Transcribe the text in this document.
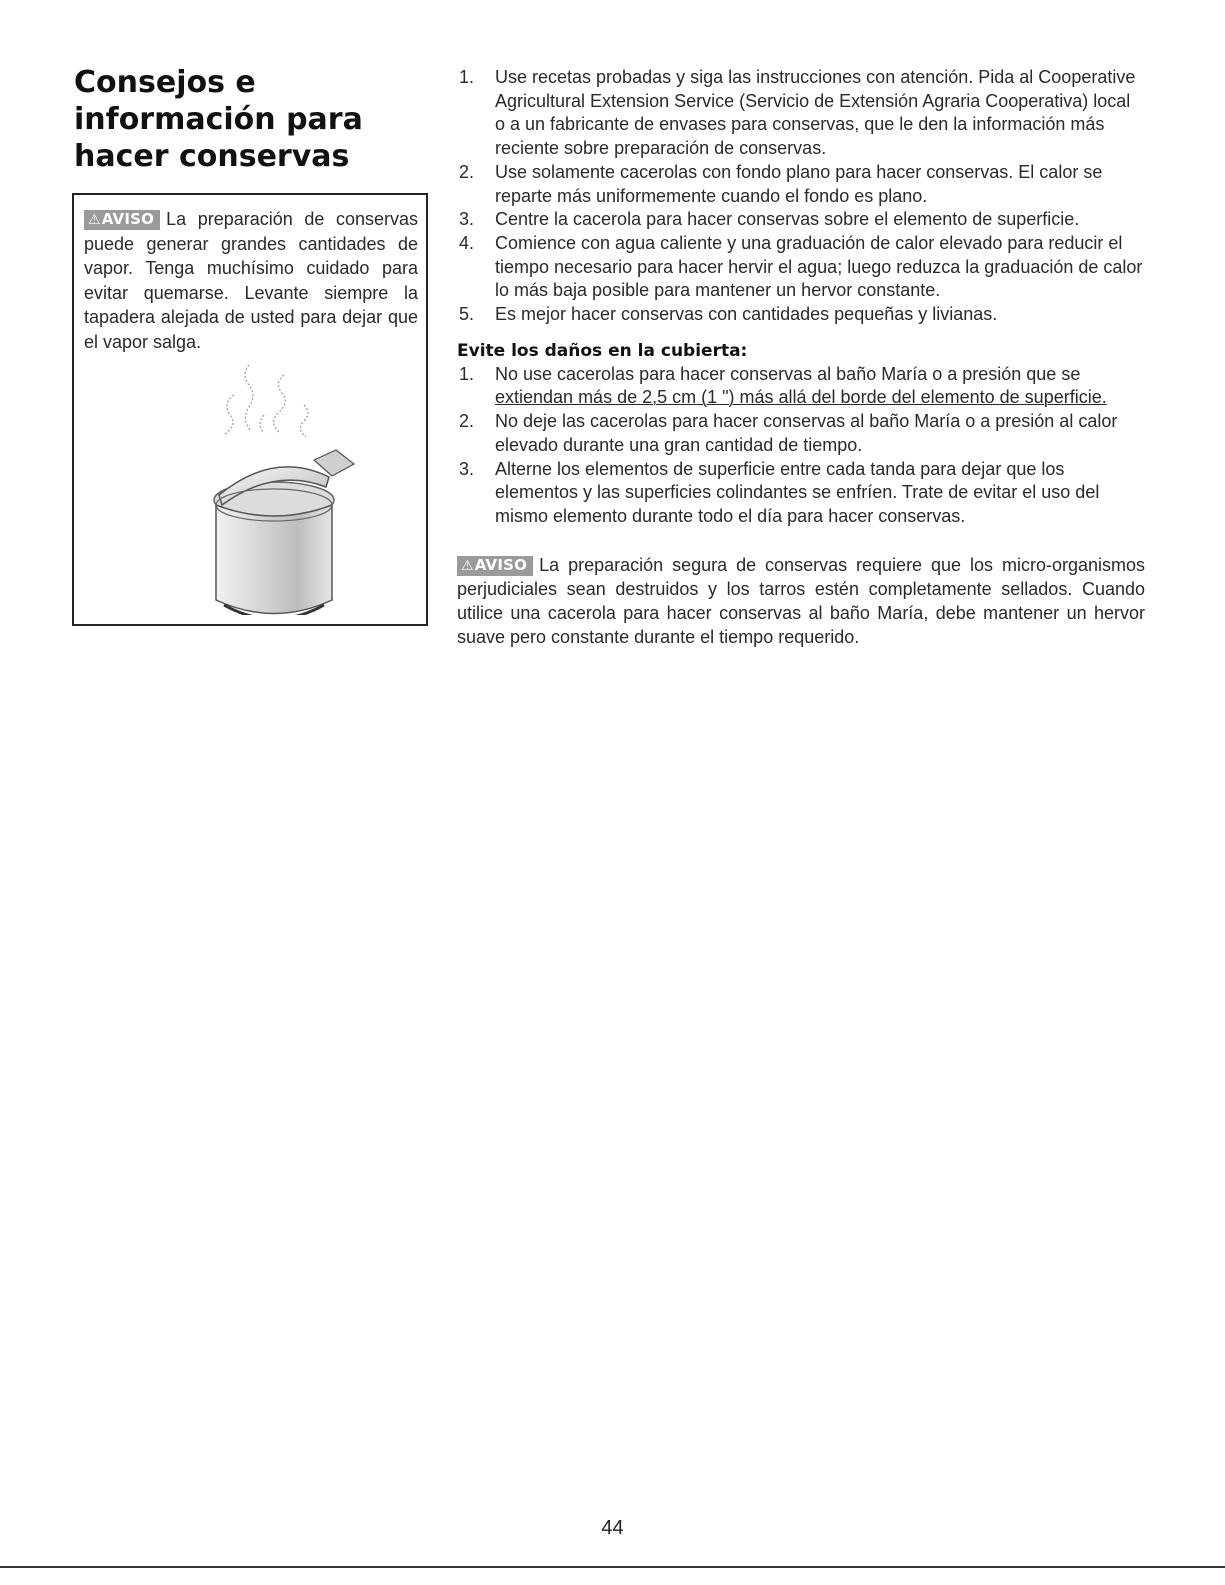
Consejos e
información para
hacer conservas
⚠AVISO La preparación de conservas puede generar grandes cantidades de vapor. Tenga muchísimo cuidado para evitar quemarse. Levante siempre la tapadera alejada de usted para dejar que el vapor salga.
1. Use recetas probadas y siga las instrucciones con atención. Pida al Cooperative Agricultural Extension Service (Servicio de Extensión Agraria Cooperativa) local o a un fabricante de envases para conservas, que le den la información más reciente sobre preparación de conservas.
2. Use solamente cacerolas con fondo plano para hacer conservas. El calor se reparte más uniformemente cuando el fondo es plano.
3. Centre la cacerola para hacer conservas sobre el elemento de superficie.
4. Comience con agua caliente y una graduación de calor elevado para reducir el tiempo necesario para hacer hervir el agua; luego reduzca la graduación de calor lo más baja posible para mantener un hervor constante.
5. Es mejor hacer conservas con cantidades pequeñas y livianas.
Evite los daños en la cubierta:
1. No use cacerolas para hacer conservas al baño María o a presión que se extiendan más de 2,5 cm (1 ") más allá del borde del elemento de superficie.
2. No deje las cacerolas para hacer conservas al baño María o a presión al calor elevado durante una gran cantidad de tiempo.
3. Alterne los elementos de superficie entre cada tanda para dejar que los elementos y las superficies colindantes se enfríen. Trate de evitar el uso del mismo elemento durante todo el día para hacer conservas.
⚠AVISO La preparación segura de conservas requiere que los micro-organismos perjudiciales sean destruidos y los tarros estén completamente sellados. Cuando utilice una cacerola para hacer conservas al baño María, debe mantener un hervor suave pero constante durante el tiempo requerido.
44
